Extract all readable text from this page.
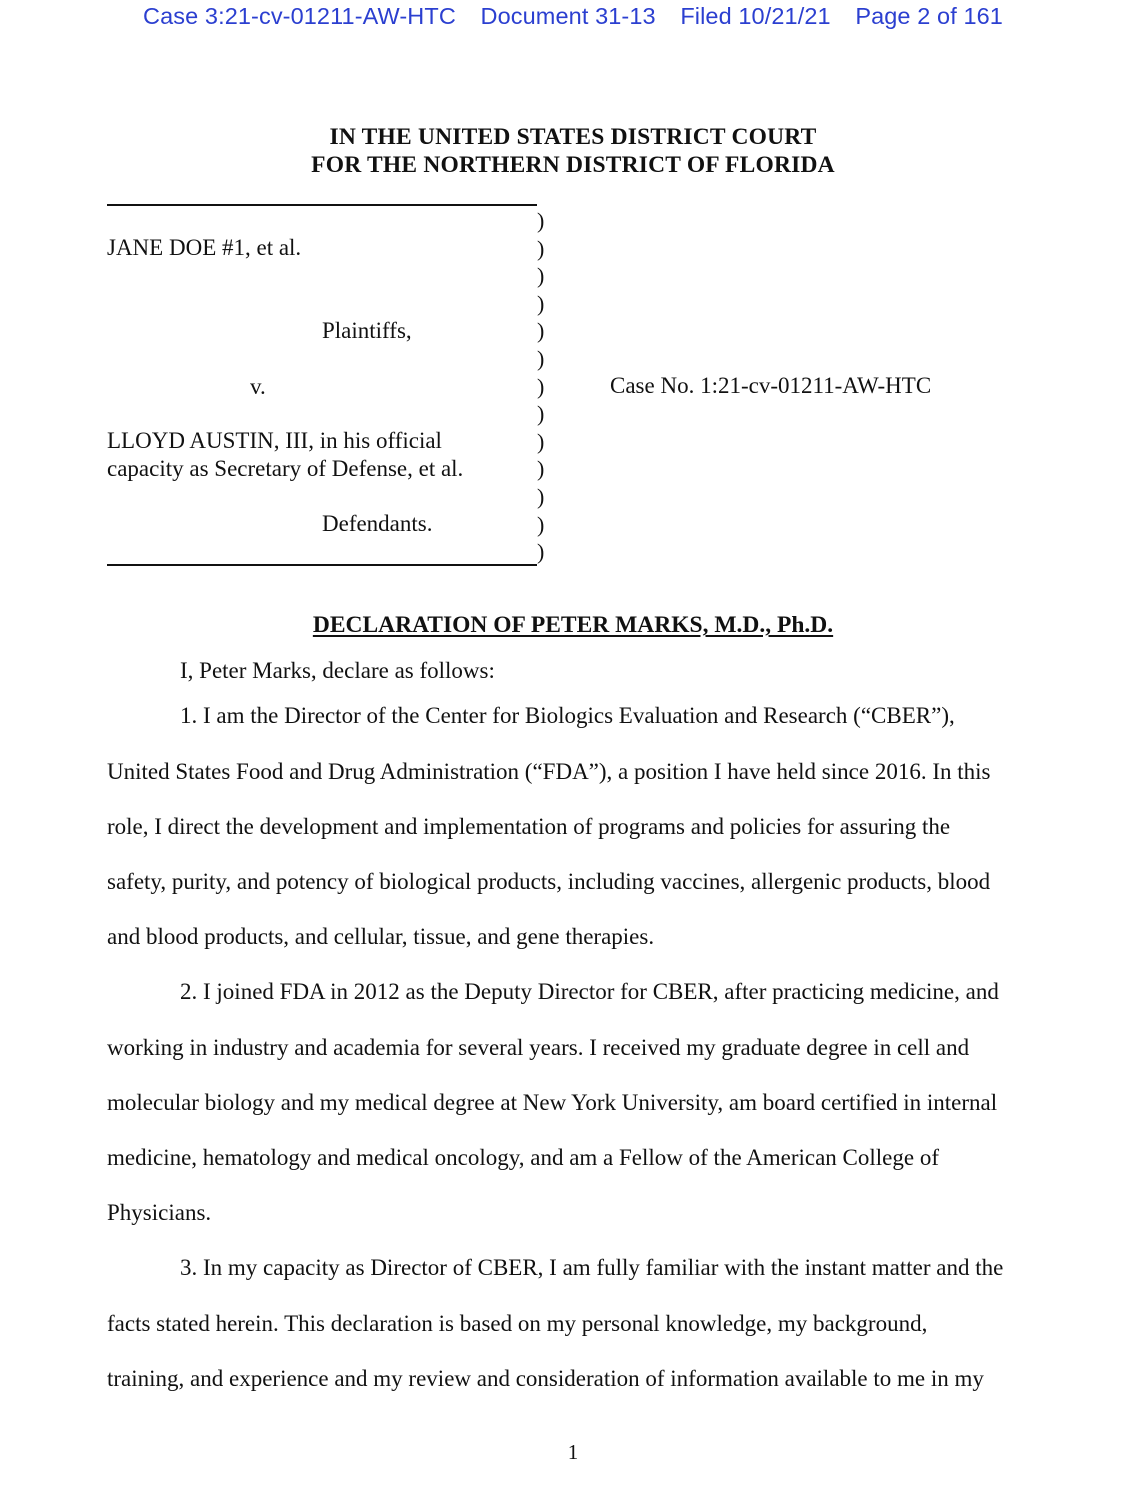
Case 3:21-cv-01211-AW-HTC Document 31-13 Filed 10/21/21 Page 2 of 161
IN THE UNITED STATES DISTRICT COURT
FOR THE NORTHERN DISTRICT OF FLORIDA
)
)
)
)
)
)
)
)
)
)
)
)
)
JANE DOE #1, et al.
Plaintiffs,
v.
LLOYD AUSTIN, III, in his official
capacity as Secretary of Defense, et al.
Defendants.
Case No. 1:21-cv-01211-AW-HTC
DECLARATION OF PETER MARKS, M.D., Ph.D.
I, Peter Marks, declare as follows:
1. I am the Director of the Center for Biologics Evaluation and Research (“CBER”),
United States Food and Drug Administration (“FDA”), a position I have held since 2016. In this
role, I direct the development and implementation of programs and policies for assuring the
safety, purity, and potency of biological products, including vaccines, allergenic products, blood
and blood products, and cellular, tissue, and gene therapies.
2. I joined FDA in 2012 as the Deputy Director for CBER, after practicing medicine, and
working in industry and academia for several years. I received my graduate degree in cell and
molecular biology and my medical degree at New York University, am board certified in internal
medicine, hematology and medical oncology, and am a Fellow of the American College of
Physicians.
3. In my capacity as Director of CBER, I am fully familiar with the instant matter and the
facts stated herein. This declaration is based on my personal knowledge, my background,
training, and experience and my review and consideration of information available to me in my
1
